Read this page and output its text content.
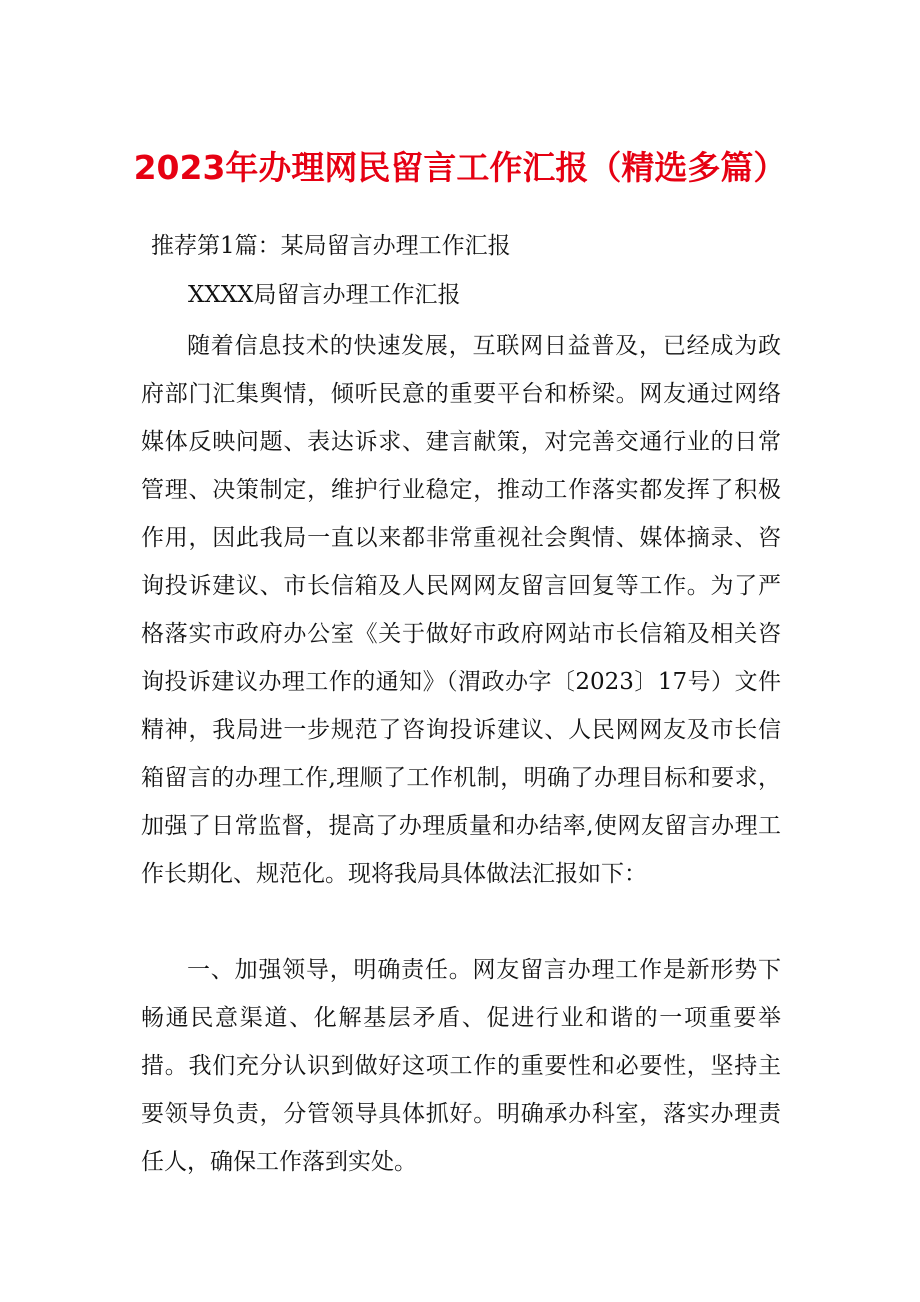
2023年办理网民留言工作汇报（精选多篇）
推荐第1篇：某局留言办理工作汇报
XXXX局留言办理工作汇报

随着信息技术的快速发展，互联网日益普及，已经成为政府部门汇集舆情，倾听民意的重要平台和桥梁。网友通过网络媒体反映问题、表达诉求、建言献策，对完善交通行业的日常管理、决策制定，维护行业稳定，推动工作落实都发挥了积极作用，因此我局一直以来都非常重视社会舆情、媒体摘录、咨询投诉建议、市长信箱及人民网网友留言回复等工作。为了严格落实市政府办公室《关于做好市政府网站市长信箱及相关咨询投诉建议办理工作的通知》（渭政办字〔2023〕17号）文件精神，我局进一步规范了咨询投诉建议、人民网网友及市长信箱留言的办理工作,理顺了工作机制，明确了办理目标和要求，加强了日常监督，提高了办理质量和办结率,使网友留言办理工作长期化、规范化。现将我局具体做法汇报如下：

一、加强领导，明确责任。网友留言办理工作是新形势下畅通民意渠道、化解基层矛盾、促进行业和谐的一项重要举措。我们充分认识到做好这项工作的重要性和必要性，坚持主要领导负责，分管领导具体抓好。明确承办科室，落实办理责任人，确保工作落到实处。
